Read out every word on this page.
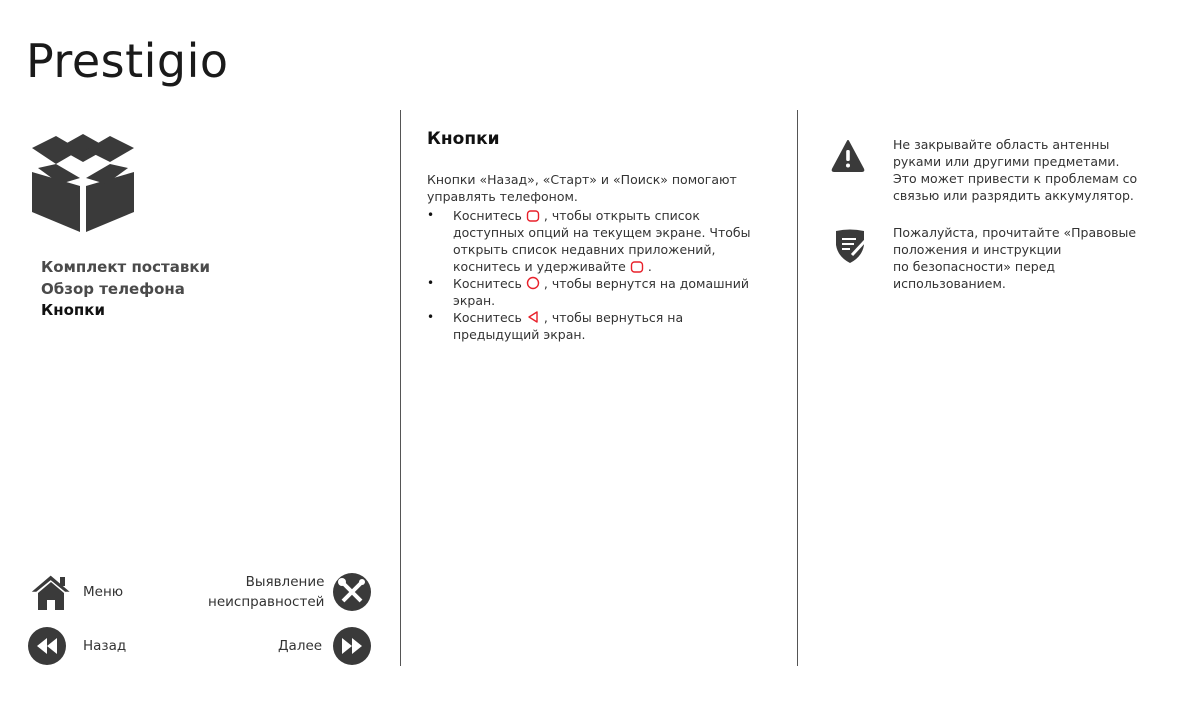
Prestigio
Комплект поставки
Обзор телефона
Кнопки
Меню
Выявление
неисправностей
Назад	Далее
Кнопки

Кнопки «Назад», «Старт» и «Поиск» помогают
управлять телефоном.

• Коснитесь , чтобы открыть список
доступных опций на текущем экране. Чтобы
открыть список недавних приложений,
коснитесь и удерживайте .
• Коснитесь , чтобы вернутся на домашний
экран.
• Коснитесь , чтобы вернуться на
предыдущий экран.
Не закрывайте область антенны
руками или другими предметами.
Это может привести к проблемам со
связью или разрядить аккумулятор.
Пожалуйста, прочитайте «Правовые
положения и инструкции
по безопасности» перед
использованием.
